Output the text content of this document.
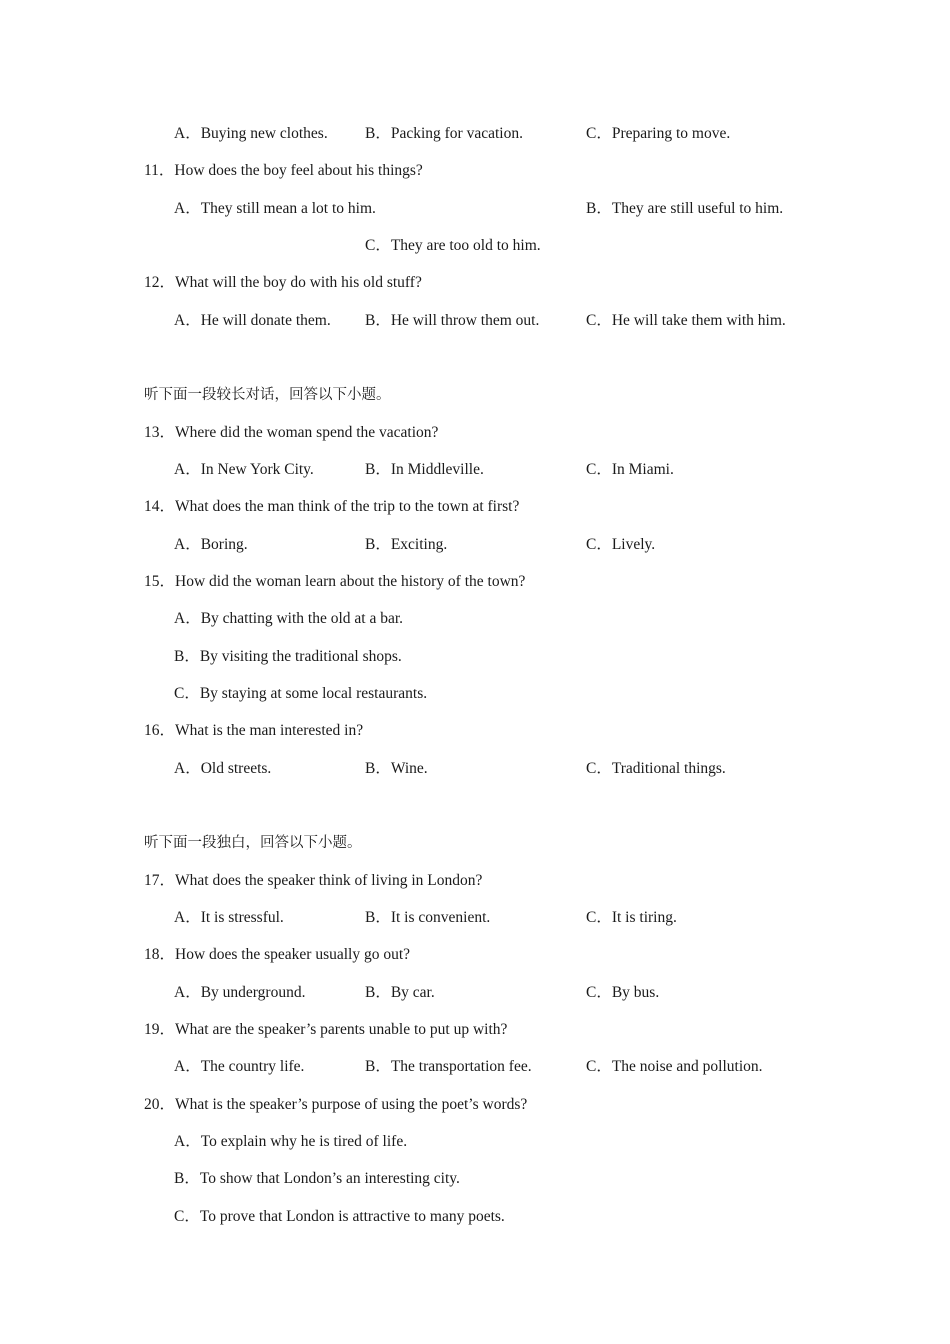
A．Buying new clothes. B．Packing for vacation.	C．Preparing to move.
11．How does the boy feel about his things?
A．They still mean a lot to him.	B．They are still useful to him.
C．They are too old to him.
12．What will the boy do with his old stuff?
A．He will donate them. B．He will throw them out.	C．He will take them with him.
听下面一段较长对话，回答以下小题。
13．Where did the woman spend the vacation?
A．In New York City.	B．In Middleville.	C．In Miami.
14．What does the man think of the trip to the town at first?
A．Boring.	B．Exciting.	C．Lively.
15．How did the woman learn about the history of the town?
A．By chatting with the old at a bar.
B．By visiting the traditional shops.
C．By staying at some local restaurants.
16．What is the man interested in?
A．Old streets.	B．Wine.	C．Traditional things.
听下面一段独白，回答以下小题。
17．What does the speaker think of living in London?
A．It is stressful.	B．It is convenient.	C．It is tiring.
18．How does the speaker usually go out?
A．By underground.	B．By car.	C．By bus.
19．What are the speaker’s parents unable to put up with?
A．The country life.	B．The transportation fee.	C．The noise and pollution.
20．What is the speaker’s purpose of using the poet’s words?
A．To explain why he is tired of life.
B．To show that London’s an interesting city.
C．To prove that London is attractive to many poets.
